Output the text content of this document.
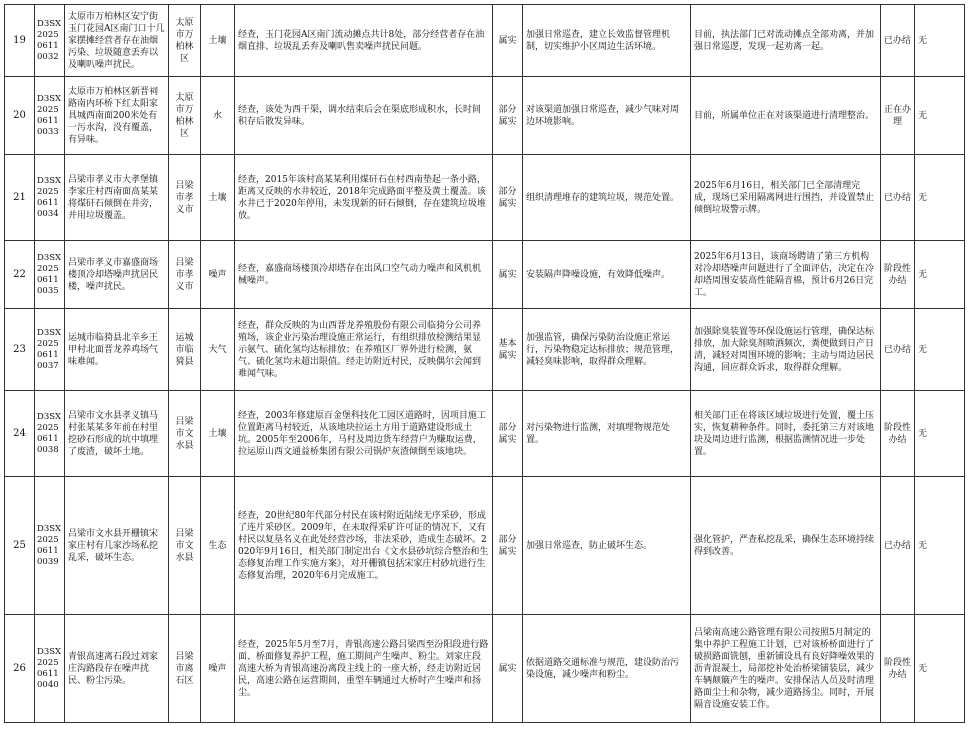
19	D3SX202506110032	太原市万柏林区安宁街玉门花园A区南门口十几家摆摊经营者存在油烟污染、垃圾随意丢弃以及喇叭噪声扰民。	太原市万柏林区	土壤	经查，玉门花园A区南门流动摊点共计8处，部分经营者存在油烟直排、垃圾乱丢弃及喇叭售卖噪声扰民问题。	属实	加强日常巡查，建立长效监督管理机制，切实维护小区周边生活环境。	目前，执法部门已对流动摊点全部劝离，并加强日常巡逻，发现一起劝离一起。	已办结	无
20	D3SX202506110033	太原市万柏林区新晋祠路南内环桥下红太阳家具城西南面200米处有一污水沟，没有覆盖，有异味。	太原市万柏林区	水	经查，该处为西干渠，调水结束后会在渠底形成积水，长时间积存后散发异味。	部分属实	对该渠道加强日常巡查，减少气味对周边环境影响。	目前，所属单位正在对该渠道进行清理整治。	正在办理	无
21	D3SX202506110034	吕梁市孝义市大孝堡镇李家庄村西南面高某某将煤矸石倾倒在井旁，并用垃圾覆盖。	吕梁市孝义市	土壤	经查，2015年该村高某某利用煤矸石在村西南垫起一条小路，距离又反映的水井较近，2018年完成路面平整及黄土覆盖。该水井已于2020年停用，未发现新的矸石倾倒，存在建筑垃圾堆放。	部分属实	组织清理堆存的建筑垃圾，规范处置。	2025年6月16日，相关部门已全部清理完成，现场已采用隔离网进行围挡，并设置禁止倾倒垃圾警示牌。	已办结	无
22	D3SX202506110035	吕梁市孝义市嘉盛商场楼顶冷却塔噪声扰居民楼，噪声扰民。	吕梁市孝义市	噪声	经查，嘉盛商场楼顶冷却塔存在出风口空气动力噪声和风机机械噪声。	属实	安装隔声降噪设施，有效降低噪声。	2025年6月13日，该商场聘请了第三方机构对冷却塔噪声问题进行了全面评估，决定在冷却塔周围安装高性能隔音棉，预计6月26日完工。	阶段性办结	无
23	D3SX202506110037	运城市临猗县北辛乡王甲村北面晋龙养鸡场气味难闻。	运城市临猗县	大气	经查，群众反映的为山西晋龙养殖股份有限公司临猗分公司养殖场，该企业污染治理设施正常运行，有组织排放检测结果显示氨气、硫化氢均达标排放；在养殖区厂界外进行检测，氨气、硫化氢均未超出限值。经走访附近村民，反映偶尔会闻到难闻气味。	基本属实	加强监管，确保污染防治设施正常运行，污染物稳定达标排放；规范管理，减轻臭味影响，取得群众理解。	加强除臭装置等环保设施运行管理，确保达标排放，加大除臭剂喷洒频次，粪便做到日产日清，减轻对周围环境的影响；主动与周边居民沟通，回应群众诉求，取得群众理解。	已办结	无
24	D3SX202506110038	吕梁市文水县孝义镇马村张某某多年前在村里挖砂石形成的坑中填埋了废渣，破坏土地。	吕梁市文水县	土壤	经查，2003年修建原百金堡科技化工园区道路时，因项目施工位置距离马村较近，从该地块拉运土方用于道路建设形成土坑。2005年至2006年，马村及周边货车经营户为赚取运费，拉运原山西文通益桥集团有限公司锅炉灰渣倾倒至该地块。	部分属实	对污染物进行监测，对填埋物规范处置。	相关部门正在将该区域垃圾进行处置，覆土压实，恢复耕种条件。同时，委托第三方对该地块及周边进行监测，根据监测情况进一步处置。	阶段性办结	无
25	D3SX202506110039	吕梁市文水县开栅镇宋家庄村有几家沙场私挖乱采，破坏生态。	吕梁市文水县	生态	经查，20世纪80年代部分村民在该村附近陆续无序采砂，形成了连片采砂区。2009年，在未取得采矿许可证的情况下，又有村民以复垦名义在此处经营沙场，非法采砂，造成生态破坏。2020年9月16日，相关部门制定出台《文水县砂坑综合整治和生态修复治理工作实施方案》，对开栅镇包括宋家庄村砂坑进行生态修复治理，2020年6月完成施工。	部分属实	加强日常巡查，防止破坏生态。	强化管护，严查私挖乱采，确保生态环境持续得到改善。	已办结	无
26	D3SX202506110040	青银高速离石段过刘家庄沟路段存在噪声扰民、粉尘污染。	吕梁市离石区	噪声	经查，2025年5月至7月，青银高速公路吕梁西至汾阳段进行路面、桥面修复养护工程，施工期间产生噪声、粉尘。刘家庄段高速大桥为青银高速汾离段主线上的一座大桥，经走访附近居民，高速公路在运营期间，重型车辆通过大桥时产生噪声和扬尘。	属实	依据道路交通标准与规范，建设防治污染设施，减少噪声和粉尘。	吕梁南高速公路管理有限公司按照5月制定的集中养护工程施工计划，已对该桥桥面进行了破损路面铣刨，重新铺设具有良好降噪效果的沥青混凝土，局部挖补处治桥梁铺装层，减少车辆颠簸产生的噪声。安排保洁人员及时清理路面尘土和杂物，减少道路扬尘。同时，开展隔音设施安装工作。	阶段性办结	无
